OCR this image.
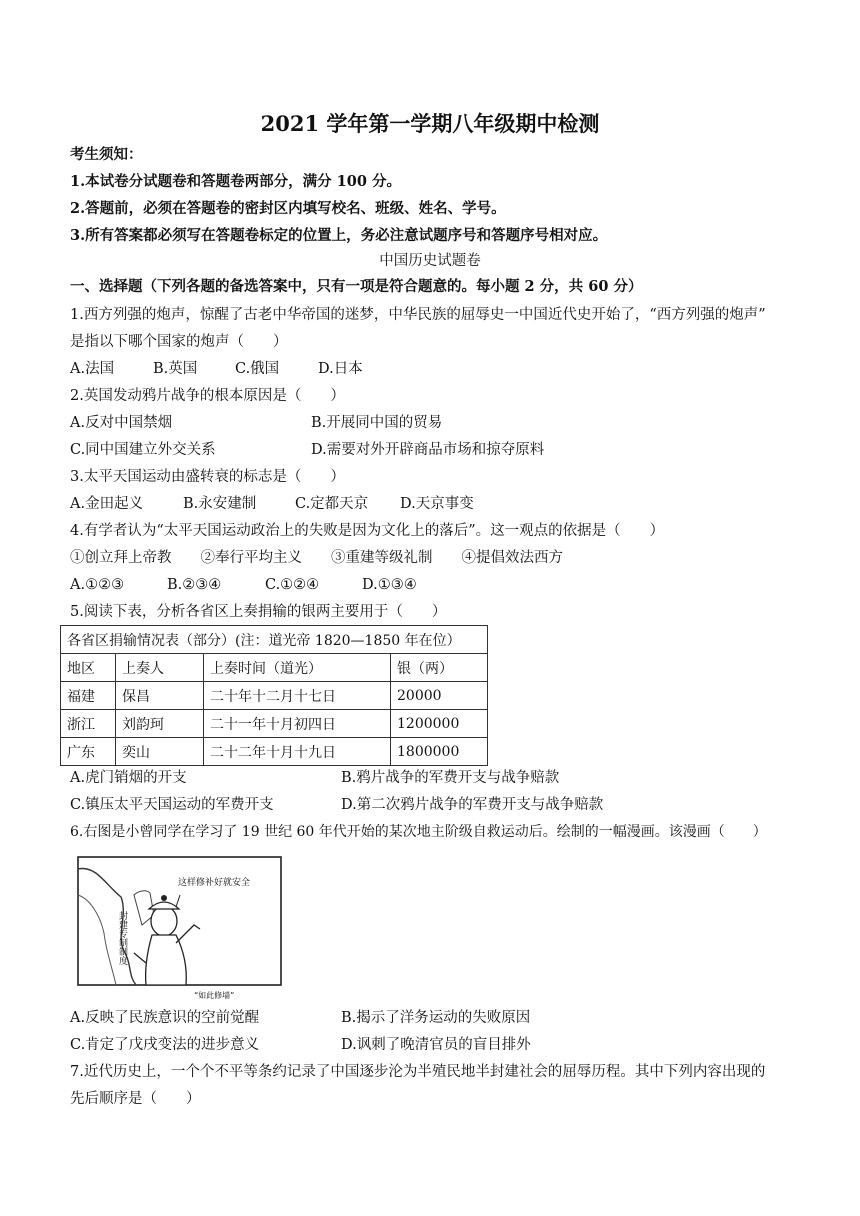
2021 学年第一学期八年级期中检测
考生须知：
1.本试卷分试题卷和答题卷两部分，满分 100 分。
2.答题前，必须在答题卷的密封区内填写校名、班级、姓名、学号。
3.所有答案都必须写在答题卷标定的位置上，务必注意试题序号和答题序号相对应。
中国历史试题卷
一、选择题（下列各题的备选答案中，只有一项是符合题意的。每小题 2 分，共 60 分）
1.西方列强的炮声，惊醒了古老中华帝国的迷梦，中华民族的屈辱史一中国近代史开始了，“西方列强的炮声”
是指以下哪个国家的炮声（　　）
A.法国	B.英国	C.俄国	D.日本
2.英国发动鸦片战争的根本原因是（　　）
A.反对中国禁烟	B.开展同中国的贸易
C.同中国建立外交关系	D.需要对外开辟商品市场和掠夺原料
3.太平天国运动由盛转衰的标志是（　　）
A.金田起义	B.永安建制	C.定都天京 D.天京事变
4.有学者认为“太平天国运动政治上的失败是因为文化上的落后”。这一观点的依据是（　　）
①创立拜上帝教　　②奉行平均主义　　③重建等级礼制　　④提倡效法西方
A.①②③	B.②③④	C.①②④	D.①③④
5.阅读下表，分析各省区上奏捐输的银两主要用于（　　）
各省区捐输情况表（部分）(注：道光帝 1820—1850 年在位）			
地区	上奏人	上奏时间（道光）	银（两）
福建	保昌	二十年十二月十七日	20000
浙江	刘韵珂	二十一年十月初四日	1200000
广东	奕山	二十二年十月十九日	1800000
A.虎门销烟的开支	B.鸦片战争的军费开支与战争赔款
C.镇压太平天国运动的军费开支	D.第二次鸦片战争的军费开支与战争赔款
6.右图是小曾同学在学习了 19 世纪 60 年代开始的某次地主阶级自救运动后。绘制的一幅漫画。该漫画（　　）
这样修补好就安全
封建专制制度
“如此修墙”
A.反映了民族意识的空前觉醒	B.揭示了洋务运动的失败原因
C.肯定了戊戌变法的进步意义	D.讽刺了晚清官员的盲目排外
7.近代历史上，一个个不平等条约记录了中国逐步沦为半殖民地半封建社会的屈辱历程。其中下列内容出现的
先后顺序是（　　）
